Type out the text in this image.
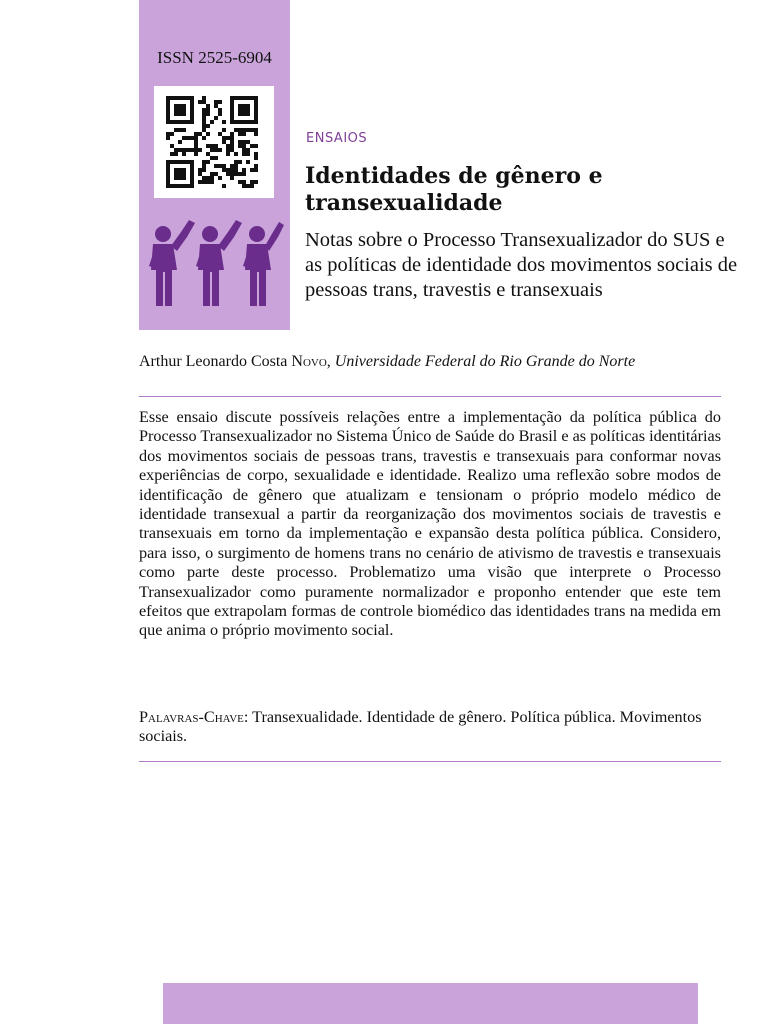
ISSN 2525-6904
ENSAIOS
Identidades de gênero e transexualidade
Notas sobre o Processo Transexualizador do SUS e as políticas de identidade dos movimentos sociais de pessoas trans, travestis e transexuais
Arthur Leonardo Costa Novo, Universidade Federal do Rio Grande do Norte

Esse ensaio discute possíveis relações entre a implementação da política pública do Processo Transexualizador no Sistema Único de Saúde do Brasil e as políticas identitárias dos movimentos sociais de pessoas trans, travestis e transexuais para conformar novas experiências de corpo, sexualidade e identidade. Realizo uma reflexão sobre modos de identificação de gênero que atualizam e tensionam o próprio modelo médico de identidade transexual a partir da reorganização dos movimentos sociais de travestis e transexuais em torno da implementação e expansão desta política pública. Considero, para isso, o surgimento de homens trans no cenário de ativismo de travestis e transexuais como parte deste processo. Problematizo uma visão que interprete o Processo Transexualizador como puramente normalizador e proponho entender que este tem efeitos que extrapolam formas de controle biomédico das identidades trans na medida em que anima o próprio movimento social.

Palavras-Chave: Transexualidade. Identidade de gênero. Política pública. Movimentos sociais.
